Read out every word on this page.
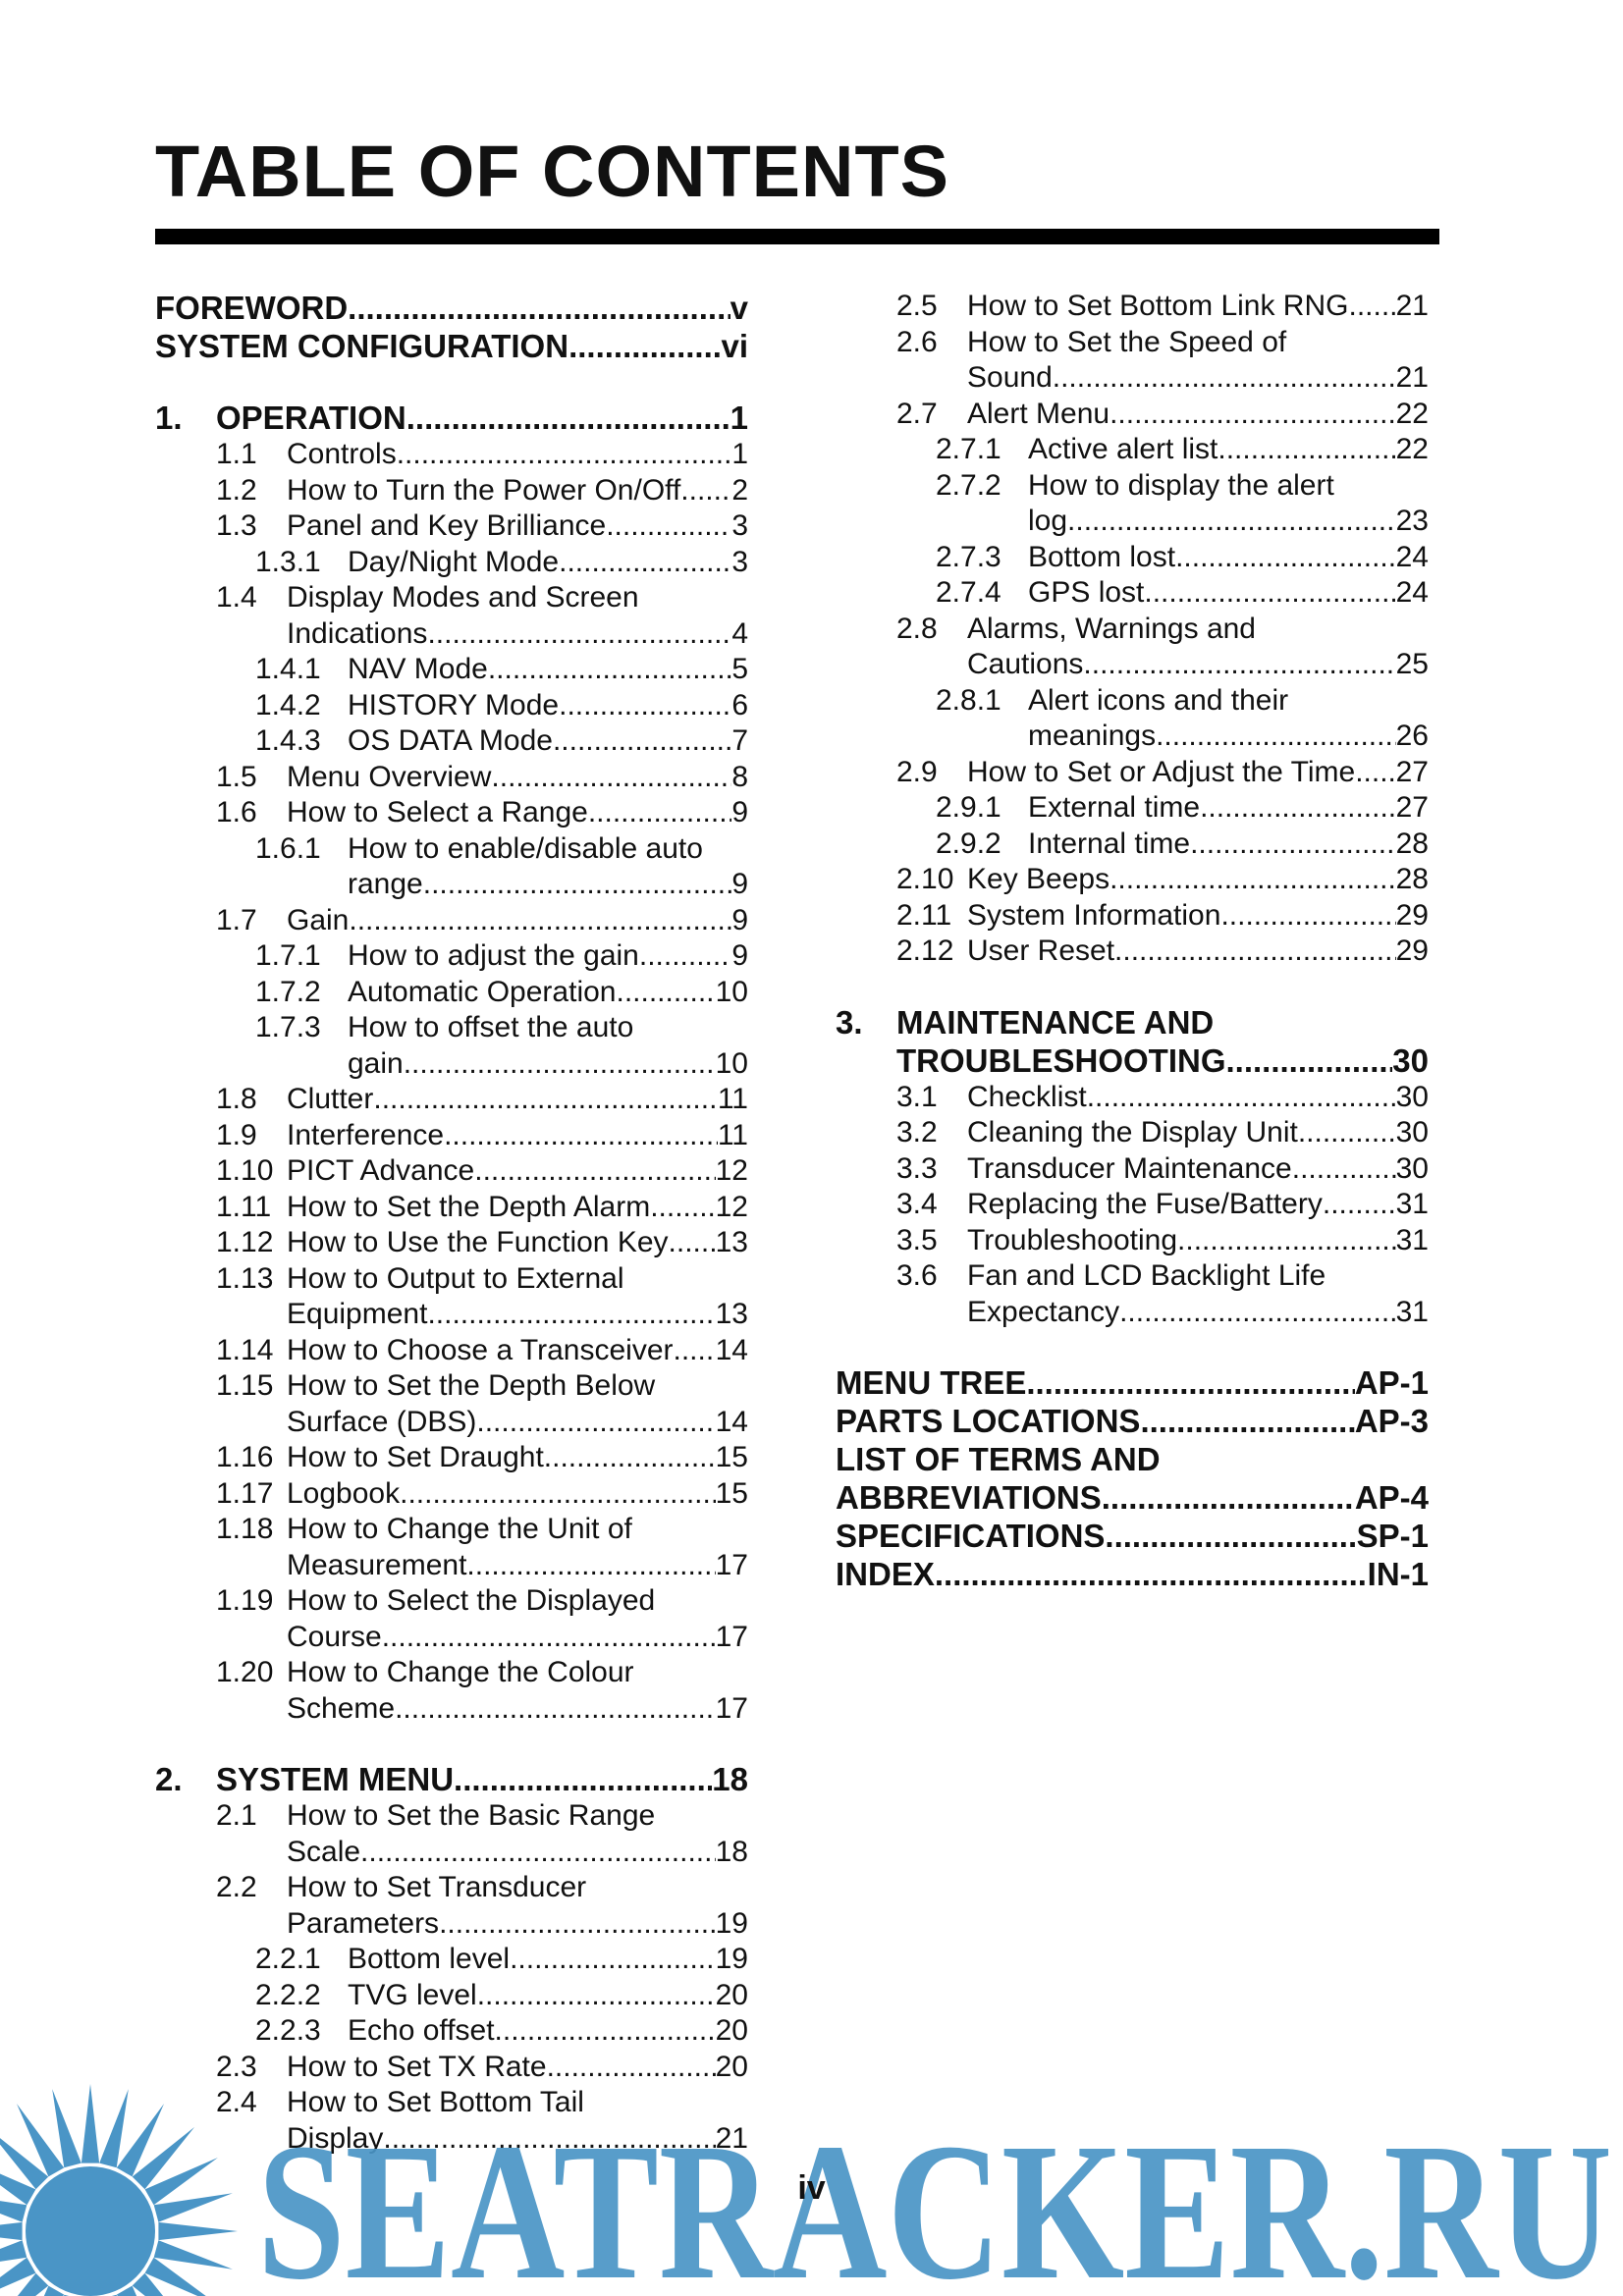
TABLE OF CONTENTS
FOREWORD .....	v
SYSTEM CONFIGURATION .....	vi
1.	OPERATION .....	1
1.1	Controls .....	1
1.2	How to Turn the Power On/Off ..... 2
1.3	Panel and Key Brilliance .....	3
1.3.1 Day/Night Mode .....	3
1.4	Display Modes and Screen
Indications .....	4
1.4.1 NAV Mode .....	5
1.4.2 HISTORY Mode .....	6
1.4.3 OS DATA Mode .....	7
1.5	Menu Overview .....	8
1.6	How to Select a Range .....	9
1.6.1 How to enable/disable auto
range .....	9
1.7	Gain .....	9
1.7.1 How to adjust the gain .....	9
1.7.2 Automatic Operation .....	10
1.7.3 How to offset the auto
gain .....	10
1.8	Clutter .....	11
1.9	Interference .....	11
1.10 PICT Advance .....	12
1.11 How to Set the Depth Alarm ..... 12
1.12 How to Use the Function Key ..... 13
1.13 How to Output to External
Equipment .....	13
1.14 How to Choose a Transceiver ..... 14
1.15 How to Set the Depth Below
Surface (DBS) .....	14
1.16 How to Set Draught .....	15
1.17 Logbook .....	15
1.18 How to Change the Unit of
Measurement .....	17
1.19 How to Select the Displayed
Course .....	17
1.20 How to Change the Colour
Scheme .....	17
2.	SYSTEM MENU .....	18
2.1	How to Set the Basic Range
Scale .....	18
2.2	How to Set Transducer
Parameters .....	19
2.2.1 Bottom level .....	19
2.2.2 TVG level .....	20
2.2.3 Echo offset .....	20
2.3	How to Set TX Rate .....	20
2.4	How to Set Bottom Tail
Display .....	21
2.5	How to Set Bottom Link RNG ..... 21
2.6	How to Set the Speed of
Sound .....	21
2.7	Alert Menu .....	22
2.7.1 Active alert list .....	22
2.7.2 How to display the alert
log .....	23
2.7.3 Bottom lost .....	24
2.7.4 GPS lost .....	24
2.8	Alarms, Warnings and
Cautions .....	25
2.8.1 Alert icons and their
meanings .....	26
2.9	How to Set or Adjust the Time ..... 27
2.9.1 External time .....	27
2.9.2 Internal time .....	28
2.10 Key Beeps .....	28
2.11 System Information .....	29
2.12 User Reset .....	29
3.	MAINTENANCE AND
TROUBLESHOOTING .....	30
3.1	Checklist .....	30
3.2	Cleaning the Display Unit .....	30
3.3	Transducer Maintenance .....	30
3.4	Replacing the Fuse/Battery ..... 31
3.5	Troubleshooting .....	31
3.6	Fan and LCD Backlight Life
Expectancy .....	31
MENU TREE .....	AP-1
PARTS LOCATIONS .....	AP-3
LIST OF TERMS AND
ABBREVIATIONS .....	AP-4
SPECIFICATIONS .....	SP-1
INDEX .....	IN-1
SEATRACKER.RU
iv
